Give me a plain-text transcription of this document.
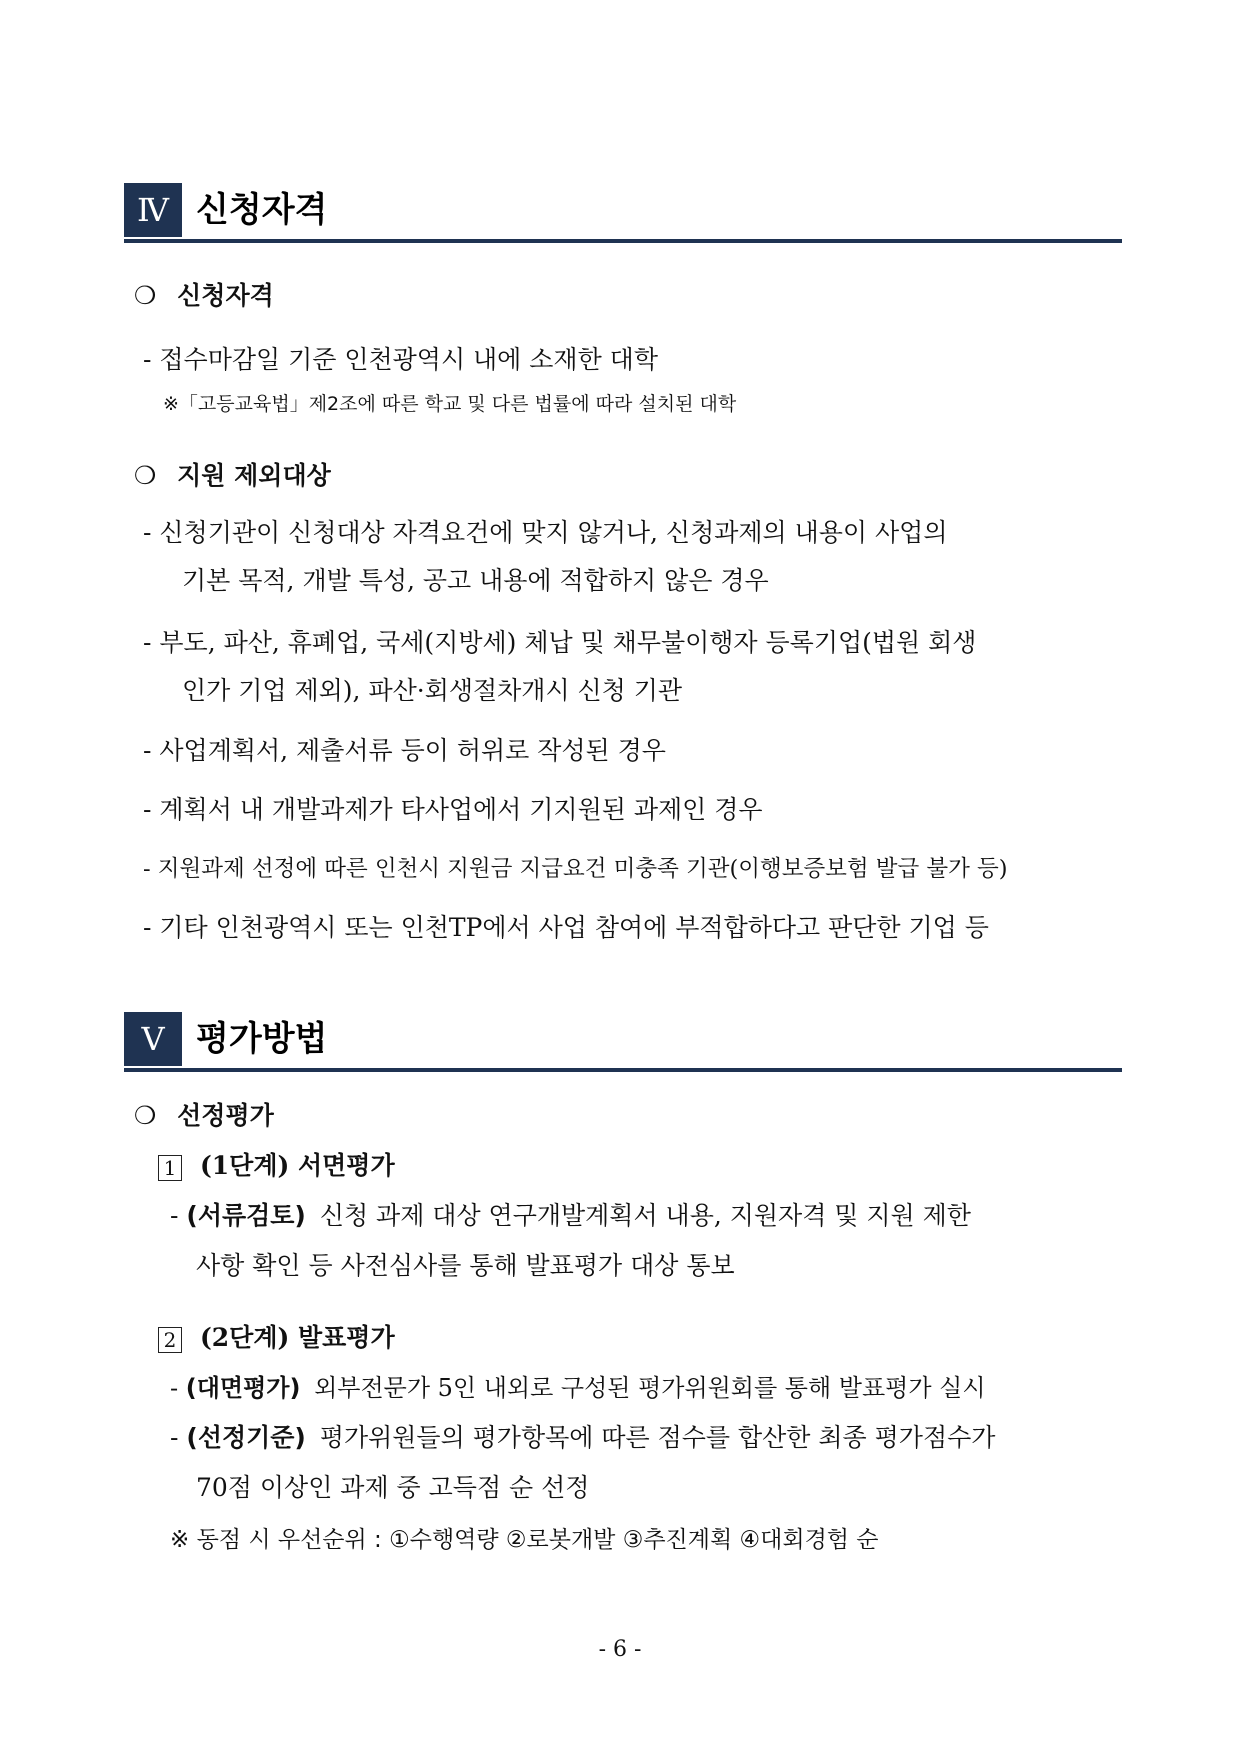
Ⅳ 신청자격
❍ 신청자격
- 접수마감일 기준 인천광역시 내에 소재한 대학
※「고등교육법」제2조에 따른 학교 및 다른 법률에 따라 설치된 대학
❍ 지원 제외대상
- 신청기관이 신청대상 자격요건에 맞지 않거나, 신청과제의 내용이 사업의
기본 목적, 개발 특성, 공고 내용에 적합하지 않은 경우
- 부도, 파산, 휴폐업, 국세(지방세) 체납 및 채무불이행자 등록기업(법원 회생
인가 기업 제외), 파산·회생절차개시 신청 기관
- 사업계획서, 제출서류 등이 허위로 작성된 경우
- 계획서 내 개발과제가 타사업에서 기지원된 과제인 경우
- 지원과제 선정에 따른 인천시 지원금 지급요건 미충족 기관(이행보증보험 발급 불가 등)
- 기타 인천광역시 또는 인천TP에서 사업 참여에 부적합하다고 판단한 기업 등
Ⅴ 평가방법
❍ 선정평가
1 (1단계) 서면평가
- (서류검토) 신청 과제 대상 연구개발계획서 내용, 지원자격 및 지원 제한
사항 확인 등 사전심사를 통해 발표평가 대상 통보
2 (2단계) 발표평가
- (대면평가) 외부전문가 5인 내외로 구성된 평가위원회를 통해 발표평가 실시
- (선정기준) 평가위원들의 평가항목에 따른 점수를 합산한 최종 평가점수가
70점 이상인 과제 중 고득점 순 선정
※ 동점 시 우선순위 : ①수행역량 ②로봇개발 ③추진계획 ④대회경험 순
- 6 -
